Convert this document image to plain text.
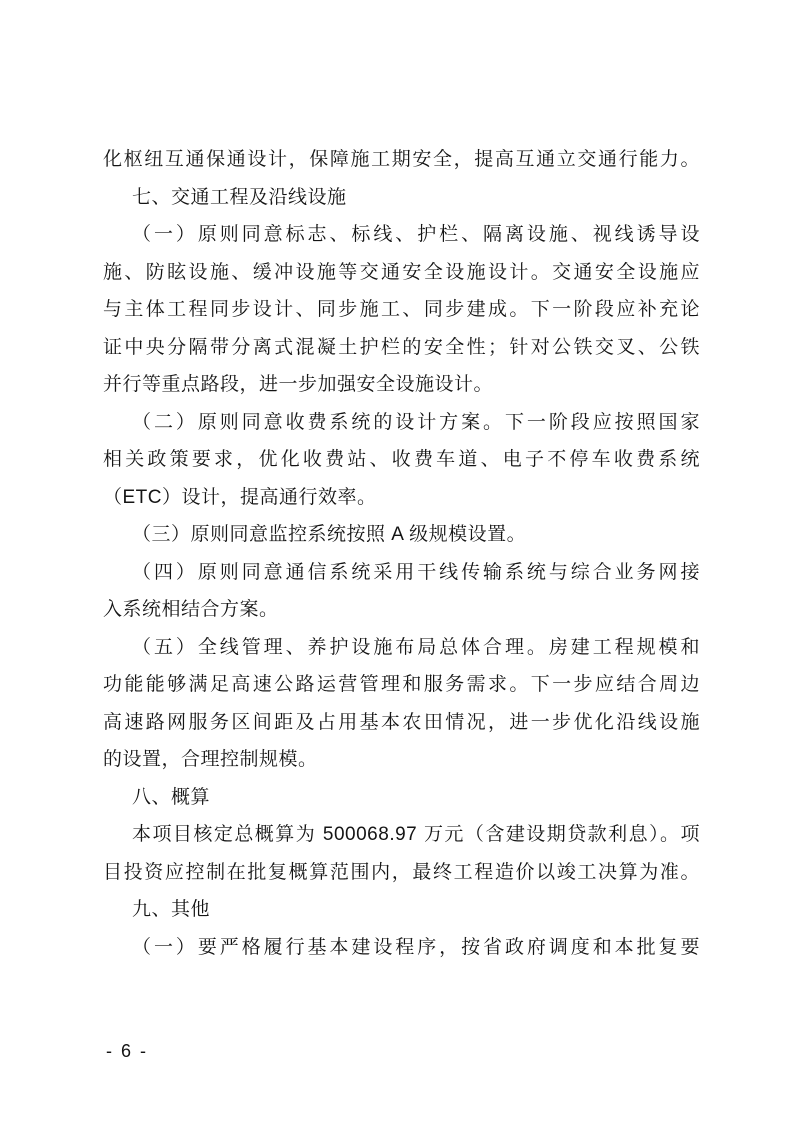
化枢纽互通保通设计，保障施工期安全，提高互通立交通行能力。
七、交通工程及沿线设施
（一）原则同意标志、标线、护栏、隔离设施、视线诱导设
施、防眩设施、缓冲设施等交通安全设施设计。交通安全设施应
与主体工程同步设计、同步施工、同步建成。下一阶段应补充论
证中央分隔带分离式混凝土护栏的安全性；针对公铁交叉、公铁
并行等重点路段，进一步加强安全设施设计。
（二）原则同意收费系统的设计方案。下一阶段应按照国家
相关政策要求，优化收费站、收费车道、电子不停车收费系统
（ETC）设计，提高通行效率。
（三）原则同意监控系统按照 A 级规模设置。
（四）原则同意通信系统采用干线传输系统与综合业务网接
入系统相结合方案。
（五）全线管理、养护设施布局总体合理。房建工程规模和
功能能够满足高速公路运营管理和服务需求。下一步应结合周边
高速路网服务区间距及占用基本农田情况，进一步优化沿线设施
的设置，合理控制规模。
八、概算
本项目核定总概算为 500068.97 万元（含建设期贷款利息）。项
目投资应控制在批复概算范围内，最终工程造价以竣工决算为准。
九、其他
（一）要严格履行基本建设程序，按省政府调度和本批复要
- 6 -
